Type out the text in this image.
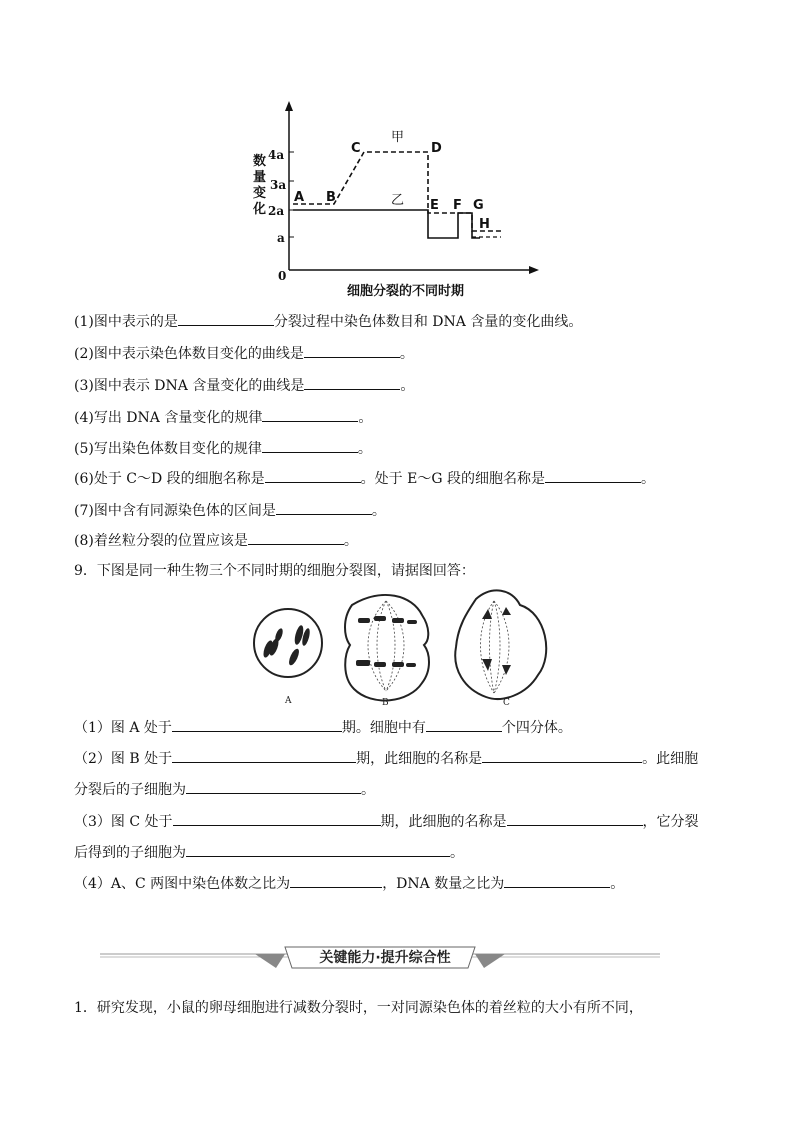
数 量 变 化
4a
3a
2a
a
0
A B
C	D
E F G
H
甲
乙
细胞分裂的不同时期
(1)图中表示的是	分裂过程中染色体数目和 DNA 含量的变化曲线。
(2)图中表示染色体数目变化的曲线是	。
(3)图中表示 DNA 含量变化的曲线是	。
(4)写出 DNA 含量变化的规律	。
(5)写出染色体数目变化的规律	。
(6)处于 C～D 段的细胞名称是	。处于 E～G 段的细胞名称是	。
(7)图中含有同源染色体的区间是	。
(8)着丝粒分裂的位置应该是	。
9．下图是同一种生物三个不同时期的细胞分裂图，请据图回答：
A	B	C
（1）图 A 处于	期。细胞中有	个四分体。
（2）图 B 处于	期，此细胞的名称是	。此细胞
分裂后的子细胞为	。
（3）图 C 处于	期，此细胞的名称是	，它分裂
后得到的子细胞为	。
（4）A、C 两图中染色体数之比为	，DNA 数量之比为	。
关键能力·提升综合性
1．研究发现，小鼠的卵母细胞进行减数分裂时，一对同源染色体的着丝粒的大小有所不同，
